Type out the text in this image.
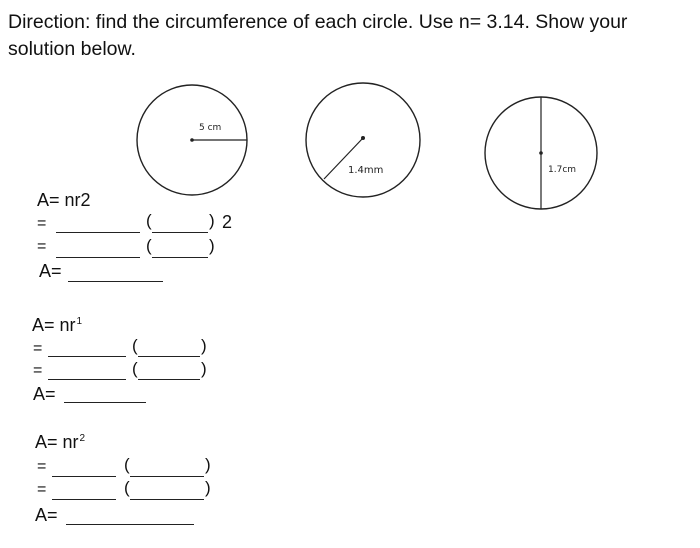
Direction: find the circumference of each circle. Use n= 3.14. Show your
solution below.
5 cm
1.4mm	1.7cm
A= nr2
=	(	) 2
=	(	)
A=
$A= nr^1$
=	(	)
=	(	)
A=
$A= nr^2$
=	(	)
=	(	)
A=
